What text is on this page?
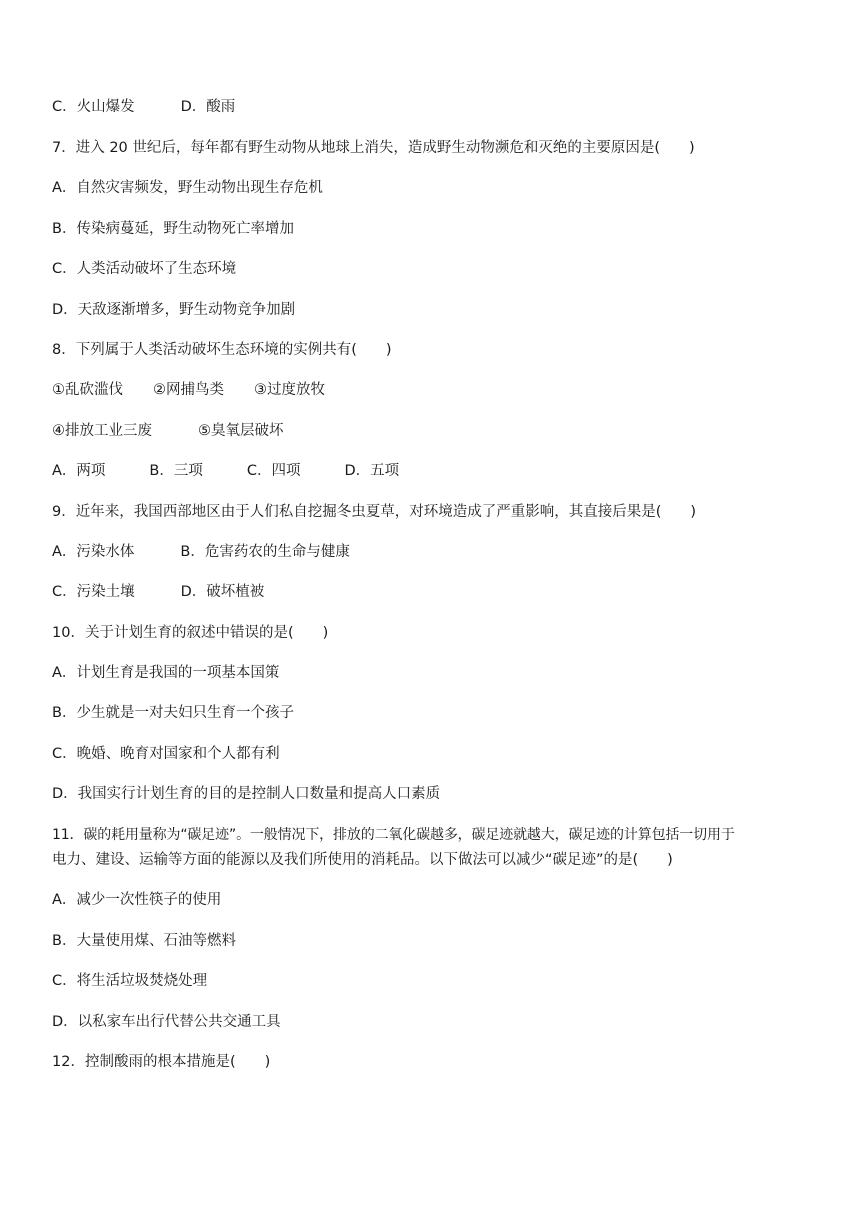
C．火山爆发	D．酸雨
7．进入 20 世纪后，每年都有野生动物从地球上消失，造成野生动物濒危和灭绝的主要原因是(　　)
A．自然灾害频发，野生动物出现生存危机
B．传染病蔓延，野生动物死亡率增加
C．人类活动破坏了生态环境
D．天敌逐渐增多，野生动物竞争加剧
8．下列属于人类活动破坏生态环境的实例共有(　　)
①乱砍滥伐 ②网捕鸟类 ③过度放牧
④排放工业三废	⑤臭氧层破坏
A．两项	B．三项	C．四项	D．五项
9．近年来，我国西部地区由于人们私自挖掘冬虫夏草，对环境造成了严重影响，其直接后果是(　　)
A．污染水体	B．危害药农的生命与健康
C．污染土壤	D．破坏植被
10．关于计划生育的叙述中错误的是(　　)
A．计划生育是我国的一项基本国策
B．少生就是一对夫妇只生育一个孩子
C．晚婚、晚育对国家和个人都有利
D．我国实行计划生育的目的是控制人口数量和提高人口素质
11．碳的耗用量称为“碳足迹”。一般情况下，排放的二氧化碳越多，碳足迹就越大，碳足迹的计算包括一切用于
电力、建设、运输等方面的能源以及我们所使用的消耗品。以下做法可以减少“碳足迹”的是(　　)
A．减少一次性筷子的使用
B．大量使用煤、石油等燃料
C．将生活垃圾焚烧处理
D．以私家车出行代替公共交通工具
12．控制酸雨的根本措施是(　　)
